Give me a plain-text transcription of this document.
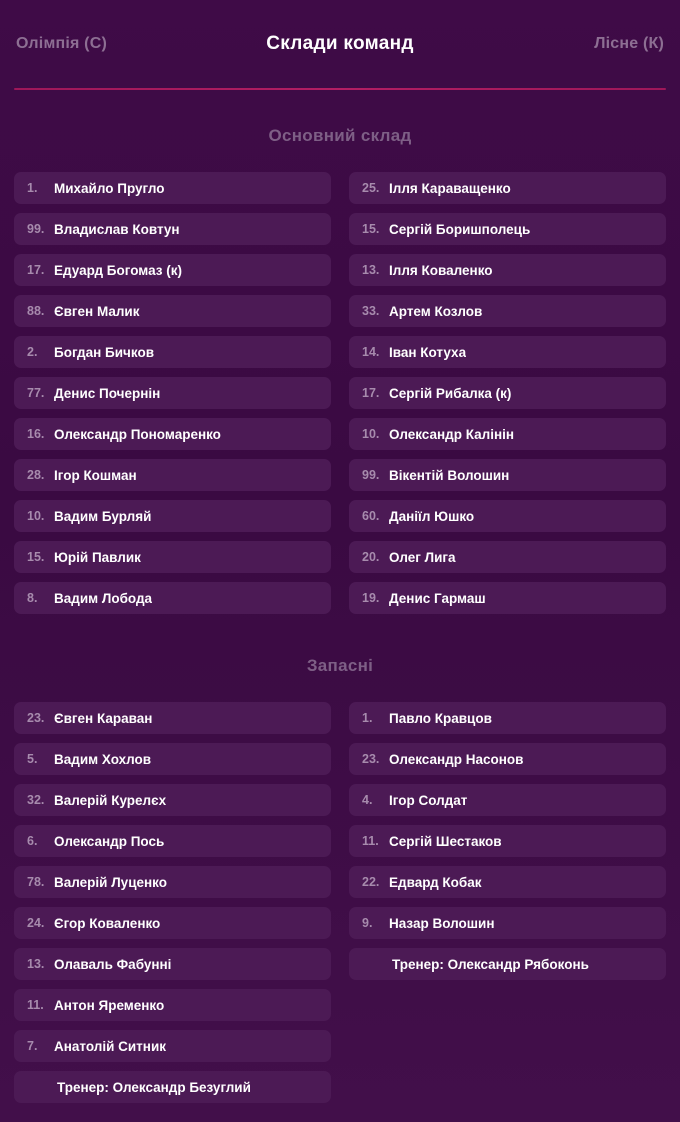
Олімпія (С)	Склади команд	Лісне (К)
Основний склад
1.	Михайло Пругло
99. Владислав Ковтун
17. Едуард Богомаз (к)
88. Євген Малик
2.	Богдан Бичков
77. Денис Почернін
16. Олександр Пономаренко
28. Ігор Кошман
10. Вадим Бурляй
15. Юрій Павлик
8.	Вадим Лобода
25. Ілля Караващенко
15. Сергій Боришполець
13. Ілля Коваленко
33. Артем Козлов
14. Іван Котуха
17. Сергій Рибалка (к)
10. Олександр Калінін
99. Вікентій Волошин
60. Даніїл Юшко
20. Олег Лига
19. Денис Гармаш
Запасні
23. Євген Караван
5.	Вадим Хохлов
32. Валерій Курелєх
6.	Олександр Пось
78. Валерій Луценко
24. Єгор Коваленко
13. Олаваль Фабунні
11. Антон Яременко
7.	Анатолій Ситник
Тренер: Олександр Безуглий
1.	Павло Кравцов
23. Олександр Насонов
4.	Ігор Солдат
11. Сергій Шестаков
22. Едвард Кобак
9.	Назар Волошин
Тренер: Олександр Рябоконь
